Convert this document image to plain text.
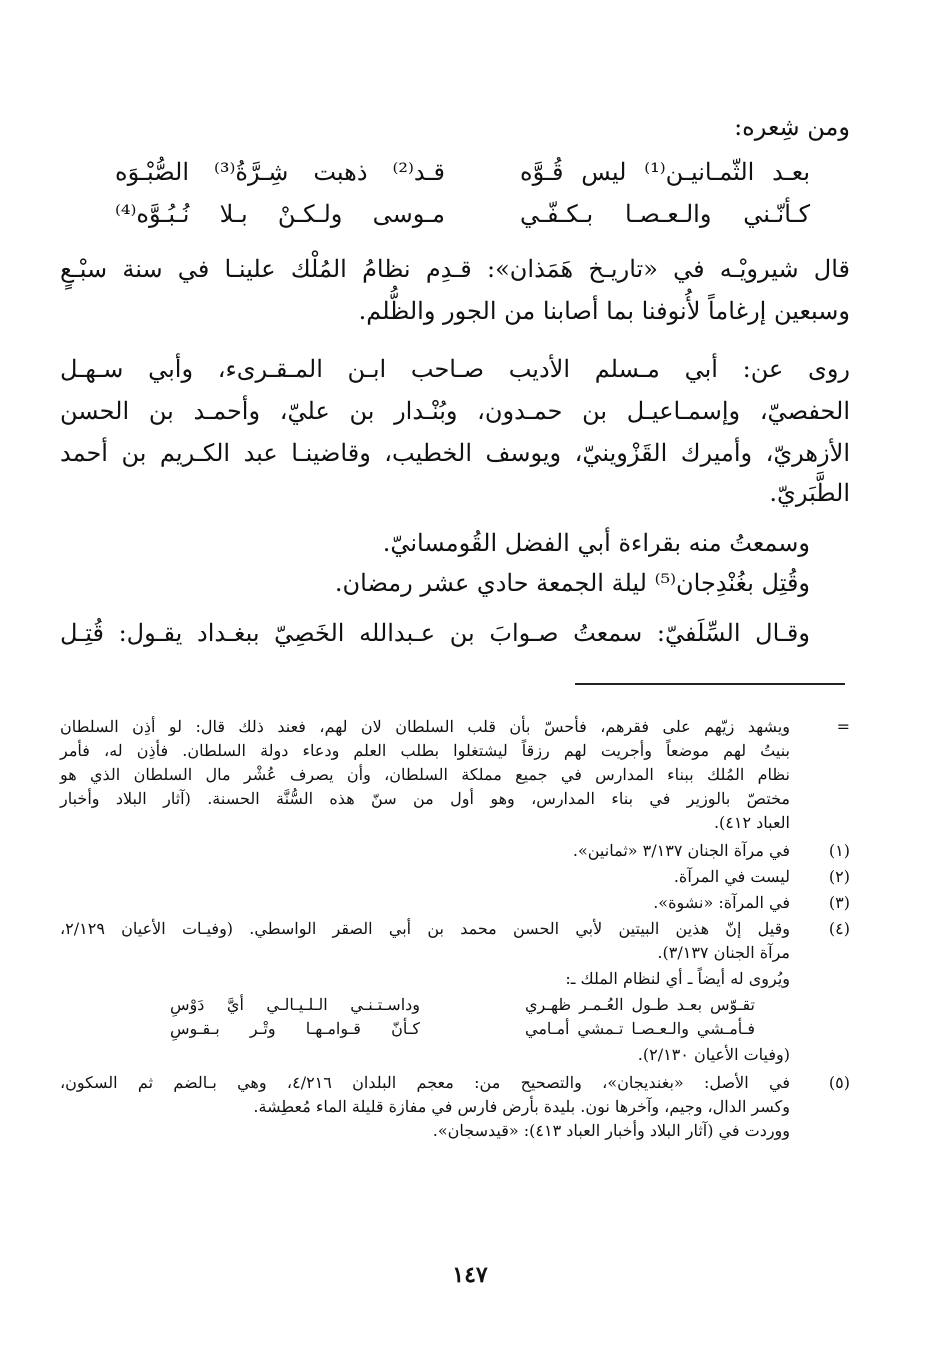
ومن شِعره:
بعـد الثّمـانيـن⁽¹⁾ ليس قُـوَّه
قـد⁽²⁾ ذهبت شِـرَّةُ⁽³⁾ الصُّبْـوَه
كـأنّـني والـعـصـا بـكـفّـي
مـوسى ولـكـنْ بـلا نُـبُـوَّه⁽⁴⁾
قال شيرويْـه في «تاريـخ هَمَذان»: قـدِم نظامُ المُلْك علينـا في سنة سبْـعٍ
وسبعين إرغاماً لأُنوفنا بما أصابنا من الجور والظُّلم.
روى عن: أبي مـسلم الأديب صـاحب ابـن المـقـرىء، وأبي سـهـل
الحفصيّ، وإسمـاعيـل بن حمـدون، وبُنْـدار بن عليّ، وأحمـد بن الحسن
الأزهريّ، وأميرك القَزْوينيّ، ويوسف الخطيب، وقاضينـا عبد الكـريم بن أحمد
الطَّبَريّ.
وسمعتُ منه بقراءة أبي الفضل القُومسانيّ.
وقُتِل بغُنْدِجان⁽⁵⁾ ليلة الجمعة حادي عشر رمضان.
وقـال السِّلَفيّ: سمعتُ صـوابَ بن عـبدالله الخَصِيّ ببغـداد يقـول: قُتِـل
=
ويشهد زيّهم على فقرهم، فأحسّ بأن قلب السلطان لان لهم، فعند ذلك قال: لو أذِن السلطان
بنيتُ لهم موضعاً وأجريت لهم رزقاً ليشتغلوا بطلب العلم ودعاء دولة السلطان. فأذِن له، فأمر
نظام المُلك ببناء المدارس في جميع مملكة السلطان، وأن يصرف عُشْر مال السلطان الذي هو
مختصّ بالوزير في بناء المدارس، وهو أول من سنّ هذه السُّنَّة الحسنة. (آثار البلاد وأخبار
العباد ٤١٢).
(١)
في مرآة الجنان ٣/١٣٧ «ثمانين».
(٢)
ليست في المرآة.
(٣)
في المرآة: «نشوة».
(٤)
وقيل إنّ هذين البيتين لأبي الحسن محمد بن أبي الصقر الواسطي. (وفيـات الأعيان ٢/١٢٩،
مرآة الجنان ٣/١٣٧).
ويُروى له أيضاً ـ أي لنظام الملك ـ:
تقـوّس بعـد طـول العُـمـر ظهـري
وداسـتـنـي الـلـيـالـي أيَّ دَوْسِ
فـأمـشي والـعـصـا تـمشي أمـامي
كـأنّ قـوامـهـا وتْـر بـقـوسِ
(وفيات الأعيان ٢/١٣٠).
(٥)
في الأصل: «بغنديجان»، والتصحيح من: معجم البلدان ٤/٢١٦، وهي بـالضم ثم السكون،
وكسر الدال، وجيم، وآخرها نون. بليدة بأرض فارس في مفازة قليلة الماء مُعطِشة.
ووردت في (آثار البلاد وأخبار العباد ٤١٣): «قيدسجان».
١٤٧
